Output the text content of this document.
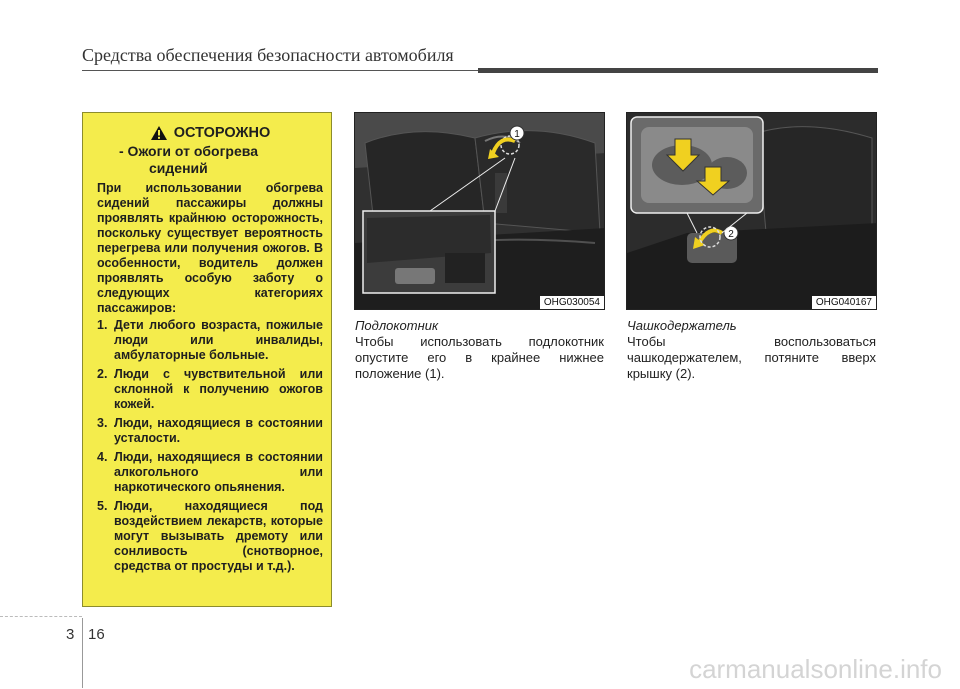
Средства обеспечения безопасности автомобиля
ОСТОРОЖНО
- Ожоги от обогрева
сидений

При использовании обогрева сидений пассажиры должны проявлять крайнюю осторожность, поскольку существует вероятность перегрева или получения ожогов. В особенности, водитель должен проявлять особую заботу о следующих категориях пассажиров:

1. Дети любого возраста, пожилые люди или инвалиды, амбулаторные больные.
2. Люди с чувствительной или склонной к получению ожогов кожей.
3. Люди, находящиеся в состоянии усталости.
4. Люди, находящиеся в состоянии алкогольного или наркотического опьянения.
5. Люди, находящиеся под воздействием лекарств, которые могут вызывать дремоту или сонливость (снотворное, средства от простуды и т.д.).
1
OHG030054
2
OHG040167
Подлокотник
Чтобы использовать подлокотник опустите его в крайнее нижнее положение (1).
Чашкодержатель
Чтобы воспользоваться чашкодержателем, потяните вверх крышку (2).
3 16
carmanualsonline.info
